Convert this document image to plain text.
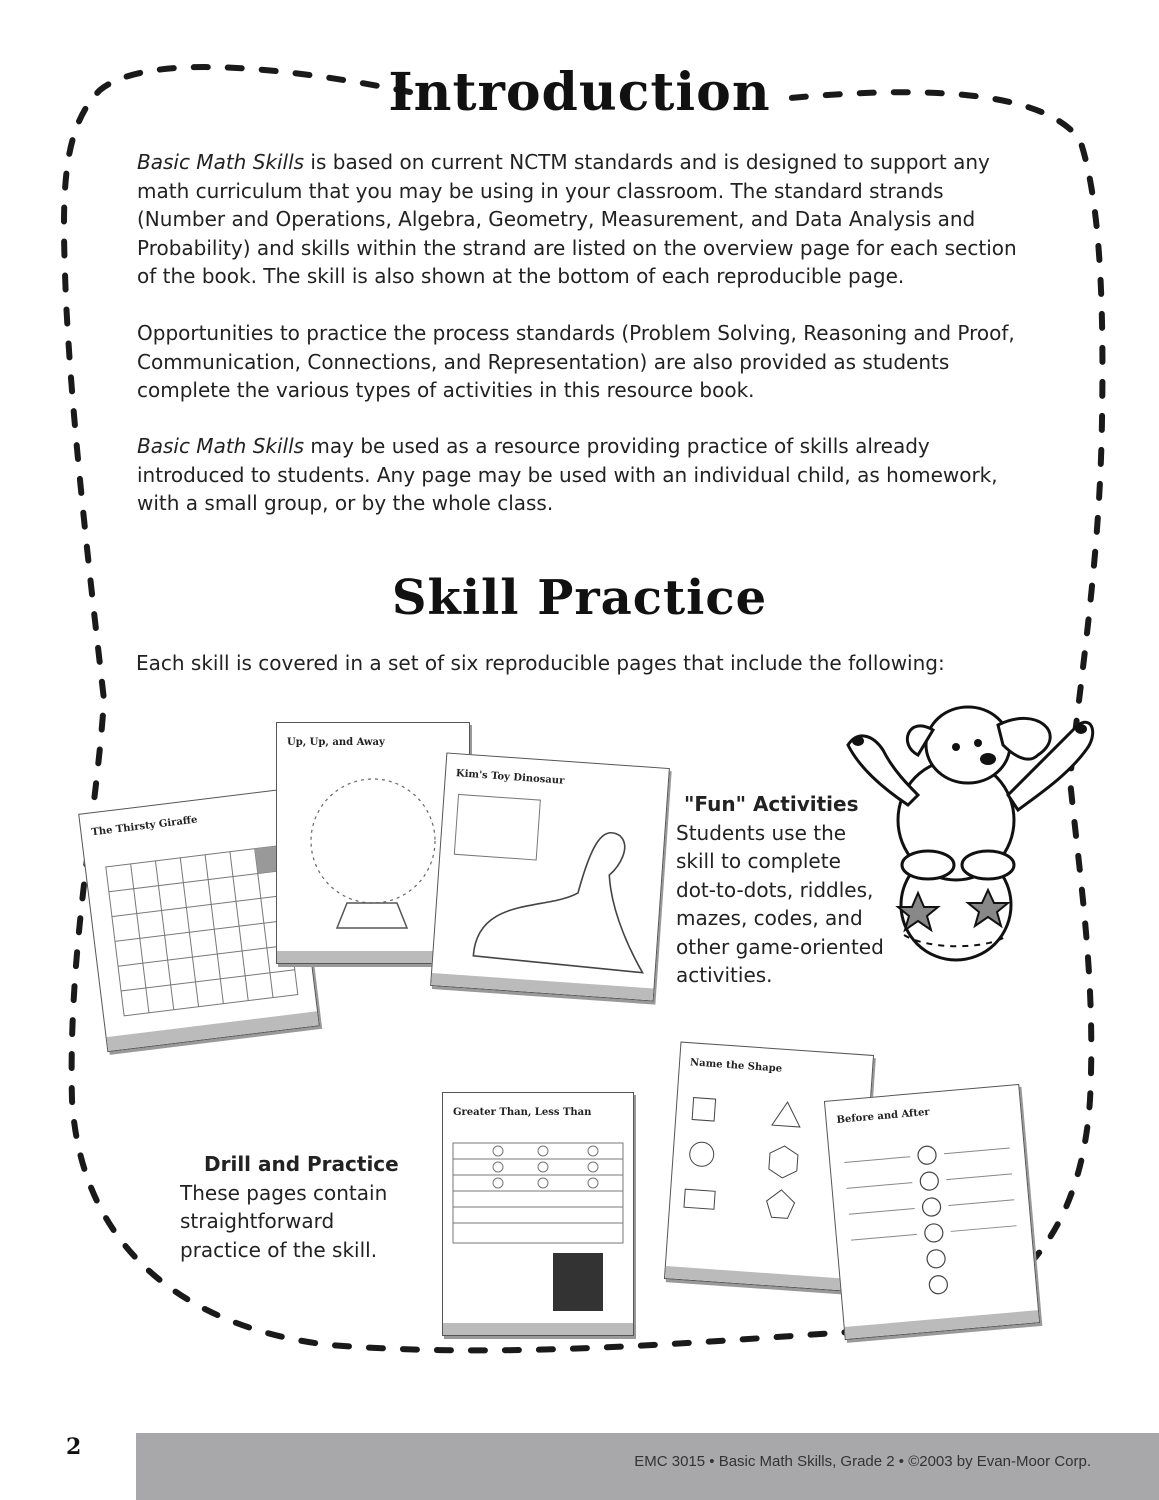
Introduction

Basic Math Skills is based on current NCTM standards and is designed to support any math curriculum that you may be using in your classroom. The standard strands (Number and Operations, Algebra, Geometry, Measurement, and Data Analysis and Probability) and skills within the strand are listed on the overview page for each section of the book. The skill is also shown at the bottom of each reproducible page.

Opportunities to practice the process standards (Problem Solving, Reasoning and Proof, Communication, Connections, and Representation) are also provided as students complete the various types of activities in this resource book.

Basic Math Skills may be used as a resource providing practice of skills already introduced to students. Any page may be used with an individual child, as homework, with a small group, or by the whole class.

Skill Practice

Each skill is covered in a set of six reproducible pages that include the following:

The Thirsty Giraffe
Up, Up, and Away
Kim's Toy Dinosaur
Greater Than, Less Than
Name the Shape
Before and After
"Fun" Activities
Students use the skill to complete dot-to-dots, riddles, mazes, codes, and other game-oriented activities.
Drill and Practice
These pages contain straightforward practice of the skill.
2
EMC 3015 • Basic Math Skills, Grade 2 • ©2003 by Evan-Moor Corp.
